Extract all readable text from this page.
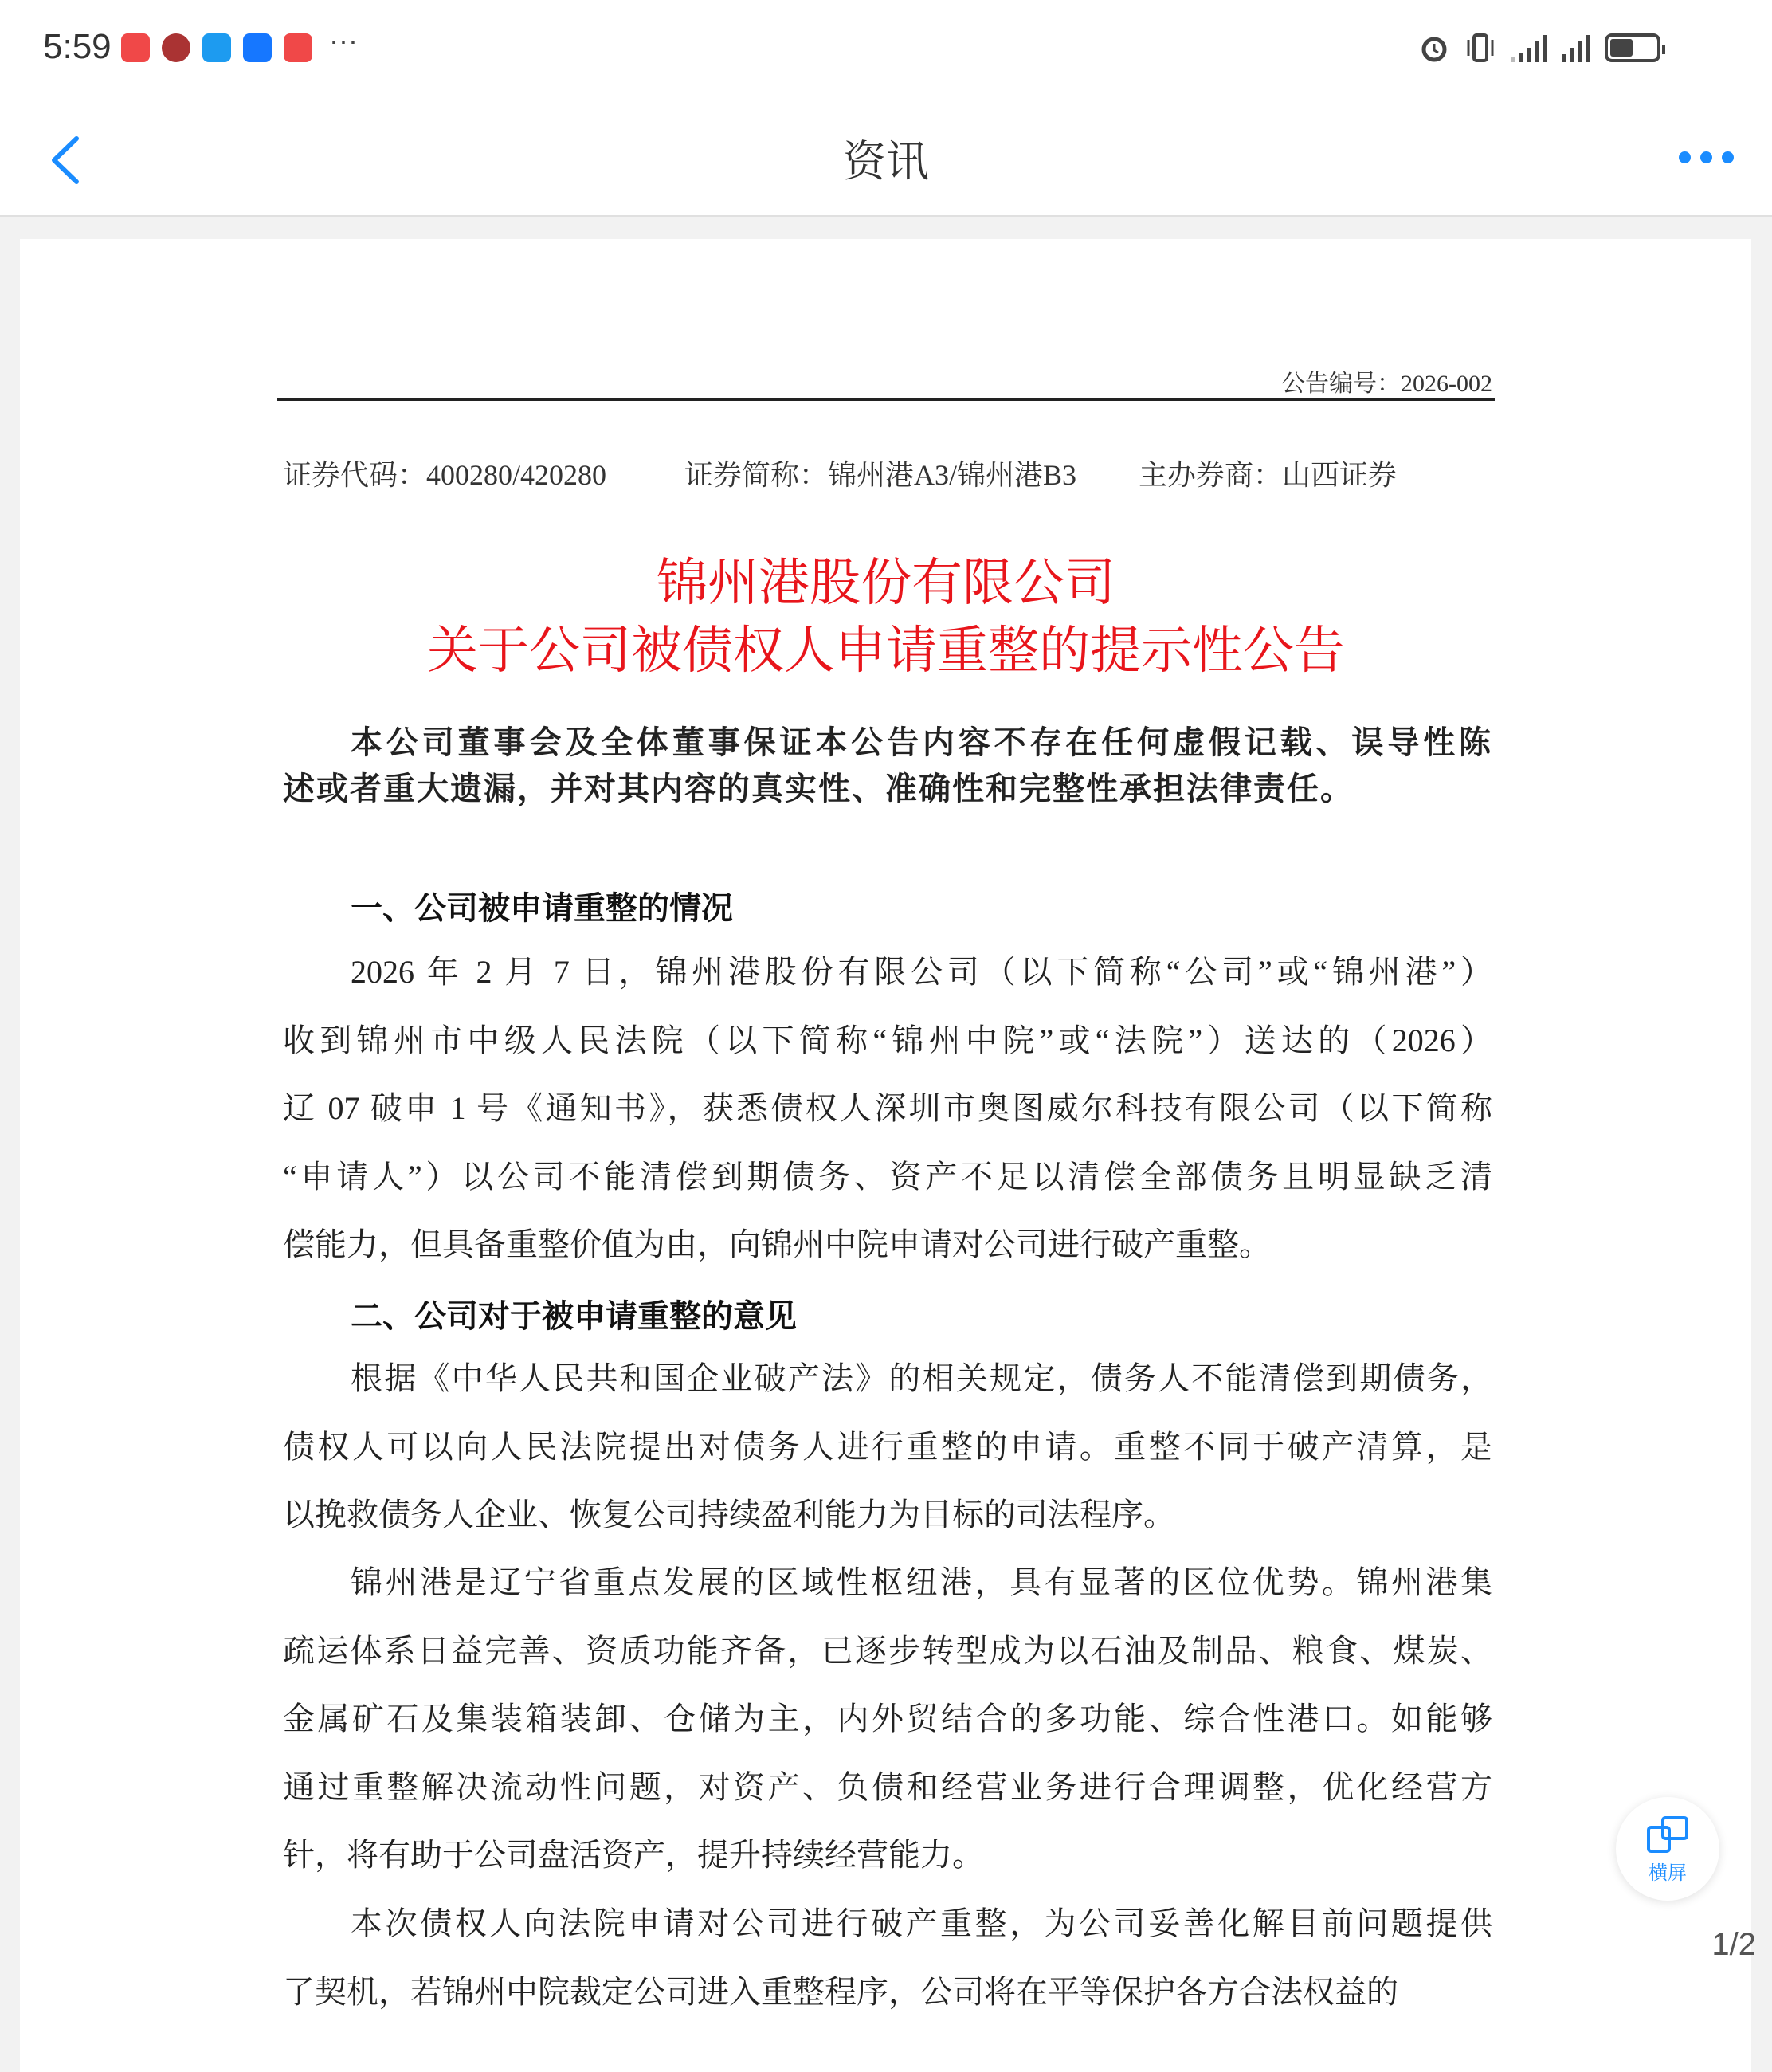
5:59	···
资讯
公告编号：2026-002
证券代码：400280/420280	证券简称：锦州港A3/锦州港B3 主办券商：山西证券
锦州港股份有限公司
关于公司被债权人申请重整的提示性公告
本公司董事会及全体董事保证本公告内容不存在任何虚假记载、误导性陈
述或者重大遗漏，并对其内容的真实性、准确性和完整性承担法律责任。
一、公司被申请重整的情况
2026 年 2 月 7 日，锦州港股份有限公司（以下简称“公司”或“锦州港”）
收到锦州市中级人民法院（以下简称“锦州中院”或“法院”）送达的（2026）
辽 07 破申 1 号《通知书》，获悉债权人深圳市奥图威尔科技有限公司（以下简称
“申请人”）以公司不能清偿到期债务、资产不足以清偿全部债务且明显缺乏清
偿能力，但具备重整价值为由，向锦州中院申请对公司进行破产重整。
二、公司对于被申请重整的意见
根据《中华人民共和国企业破产法》的相关规定，债务人不能清偿到期债务，
债权人可以向人民法院提出对债务人进行重整的申请。重整不同于破产清算，是
以挽救债务人企业、恢复公司持续盈利能力为目标的司法程序。
锦州港是辽宁省重点发展的区域性枢纽港，具有显著的区位优势。锦州港集
疏运体系日益完善、资质功能齐备，已逐步转型成为以石油及制品、粮食、煤炭、
金属矿石及集装箱装卸、仓储为主，内外贸结合的多功能、综合性港口。如能够
通过重整解决流动性问题，对资产、负债和经营业务进行合理调整，优化经营方
针，将有助于公司盘活资产，提升持续经营能力。
本次债权人向法院申请对公司进行破产重整，为公司妥善化解目前问题提供
了契机，若锦州中院裁定公司进入重整程序，公司将在平等保护各方合法权益的
横屏
1/2
